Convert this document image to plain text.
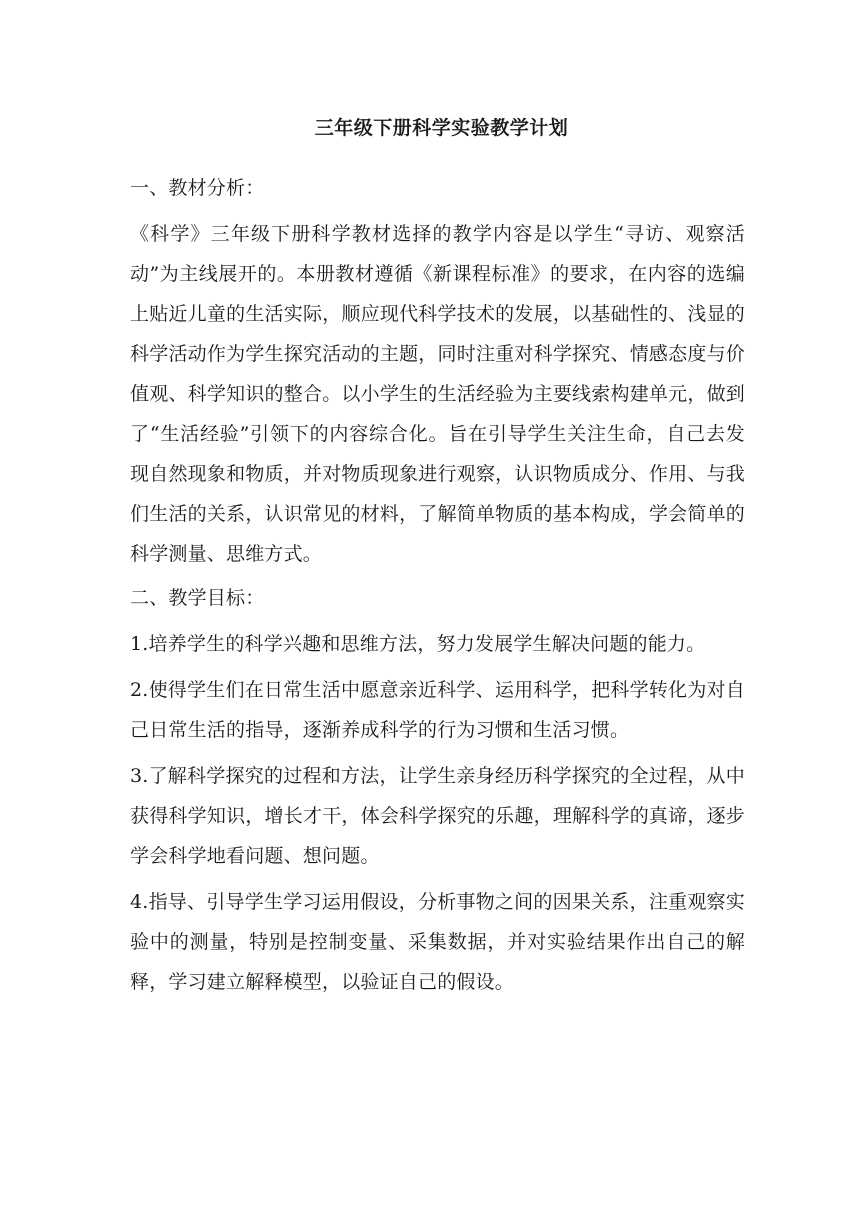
三年级下册科学实验教学计划

一、教材分析：

《科学》三年级下册科学教材选择的教学内容是以学生“寻访、观察活动”为主线展开的。本册教材遵循《新课程标准》的要求，在内容的选编上贴近儿童的生活实际，顺应现代科学技术的发展，以基础性的、浅显的科学活动作为学生探究活动的主题，同时注重对科学探究、情感态度与价值观、科学知识的整合。以小学生的生活经验为主要线索构建单元，做到了“生活经验”引领下的内容综合化。旨在引导学生关注生命，自己去发现自然现象和物质，并对物质现象进行观察，认识物质成分、作用、与我们生活的关系，认识常见的材料，了解简单物质的基本构成，学会简单的科学测量、思维方式。

二、教学目标：

1.培养学生的科学兴趣和思维方法，努力发展学生解决问题的能力。

2.使得学生们在日常生活中愿意亲近科学、运用科学，把科学转化为对自己日常生活的指导，逐渐养成科学的行为习惯和生活习惯。

3.了解科学探究的过程和方法，让学生亲身经历科学探究的全过程，从中获得科学知识，增长才干，体会科学探究的乐趣，理解科学的真谛，逐步学会科学地看问题、想问题。

4.指导、引导学生学习运用假设，分析事物之间的因果关系，注重观察实验中的测量，特别是控制变量、采集数据，并对实验结果作出自己的解释，学习建立解释模型，以验证自己的假设。
